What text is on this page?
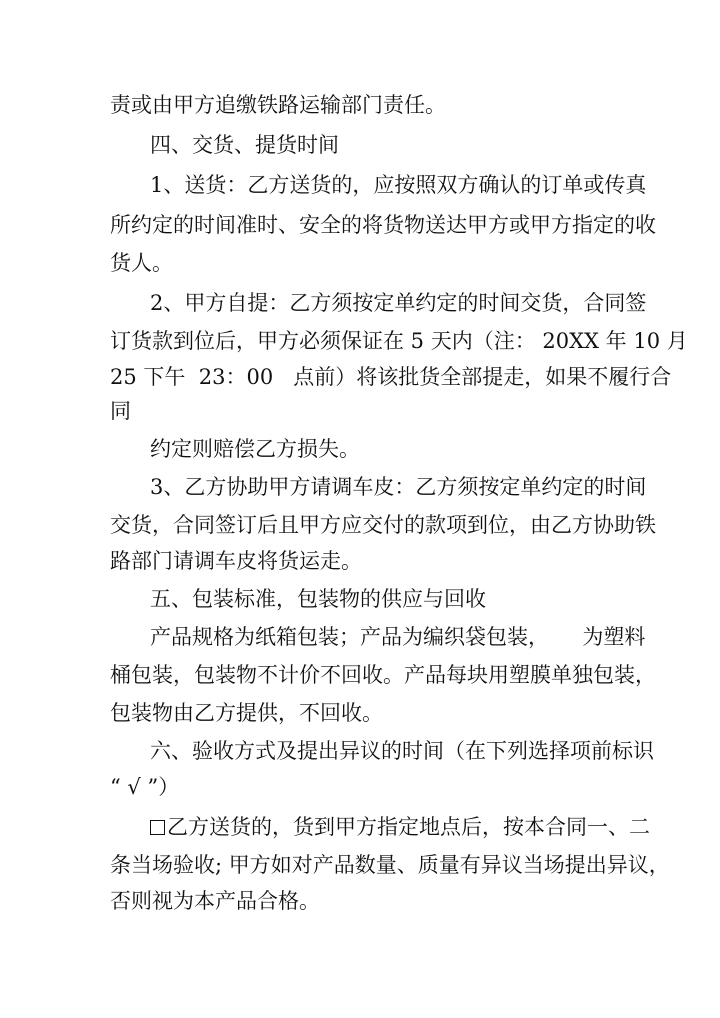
责或由甲方追缴铁路运输部门责任。

四、交货、提货时间

1、送货：乙方送货的，应按照双方确认的订单或传真

所约定的时间准时、安全的将货物送达甲方或甲方指定的收

货人。

2、甲方自提：乙方须按定单约定的时间交货，合同签

订货款到位后，甲方必须保证在 5 天内（注： 20XX 年 10 月

25 下午  23：00   点前）将该批货全部提走，如果不履行合

同

约定则赔偿乙方损失。

3、乙方协助甲方请调车皮：乙方须按定单约定的时间

交货，合同签订后且甲方应交付的款项到位，由乙方协助铁

路部门请调车皮将货运走。

五、包装标准，包装物的供应与回收

产品规格为纸箱包装；产品为编织袋包装，     为塑料

桶包装，包装物不计价不回收。产品每块用塑膜单独包装，

包装物由乙方提供，不回收。

六、验收方式及提出异议的时间（在下列选择项前标识

“ √ ”）

乙方送货的，货到甲方指定地点后，按本合同一、二

条当场验收; 甲方如对产品数量、质量有异议当场提出异议，

否则视为本产品合格。
